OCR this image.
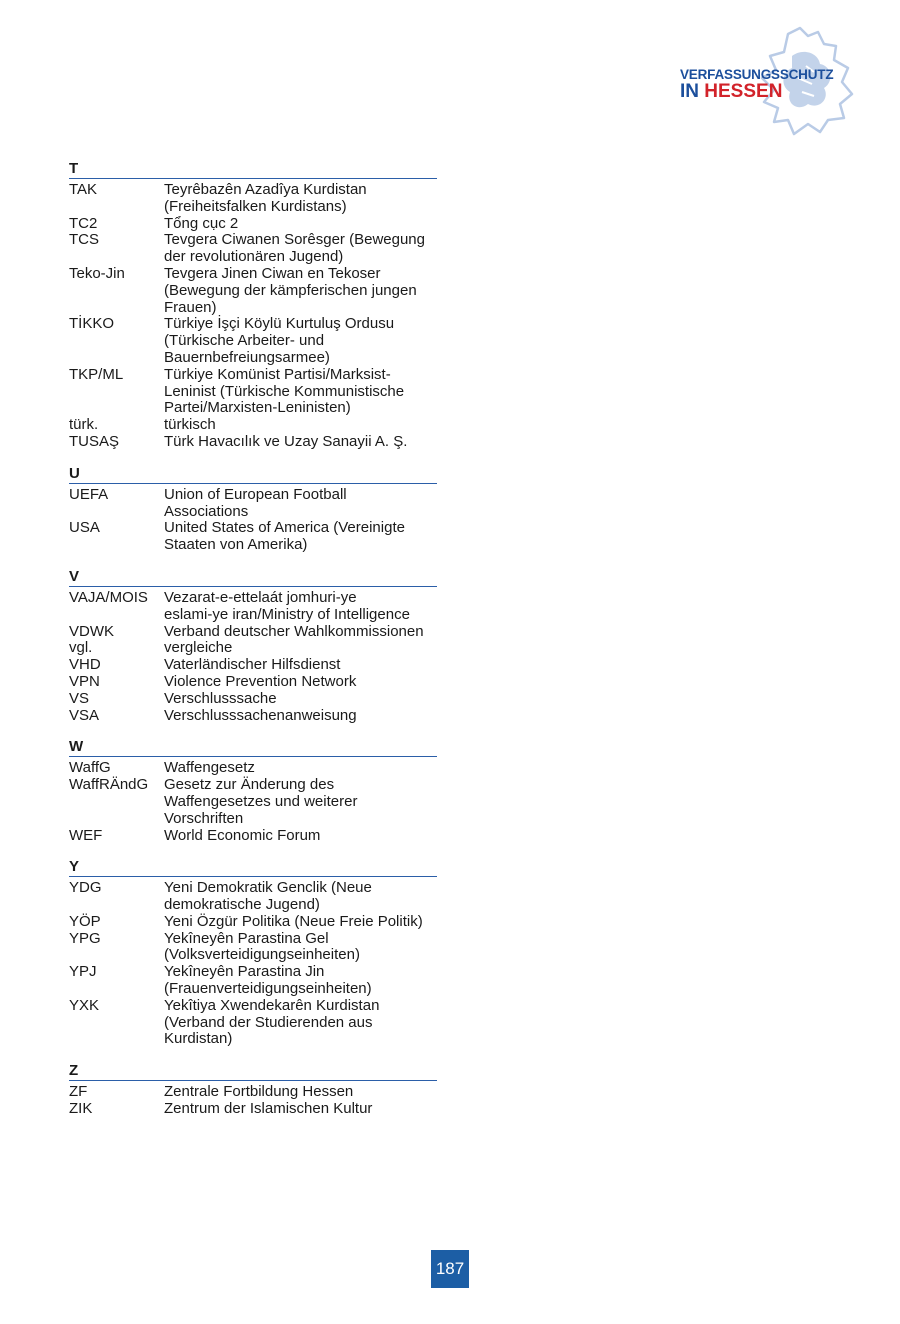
VERFASSUNGSSCHUTZ
IN HESSEN
T
TAK	Teyrêbazên Azadîya Kurdistan
(Freiheitsfalken Kurdistans)
TC2	Tổng cục 2
TCS	Tevgera Ciwanen Sorêsger (Bewegung
der revolutionären Jugend)
Teko-Jin	Tevgera Jinen Ciwan en Tekoser
(Bewegung der kämpferischen jungen
Frauen)
TİKKO	Türkiye İşçi Köylü Kurtuluş Ordusu
(Türkische Arbeiter- und
Bauernbefreiungsarmee)
TKP/ML	Türkiye Komünist Partisi/Marksist-
Leninist (Türkische Kommunistische
Partei/Marxisten-Leninisten)
türk.	türkisch
TUSAŞ	Türk Havacılık ve Uzay Sanayii A. Ş.
U
UEFA	Union of European Football
Associations
USA	United States of America (Vereinigte
Staaten von Amerika)
V
VAJA/MOIS	Vezarat-e-ettelaát jomhuri-ye
eslami-ye iran/Ministry of Intelligence
VDWK	Verband deutscher Wahlkommissionen
vgl.	vergleiche
VHD	Vaterländischer Hilfsdienst
VPN	Violence Prevention Network
VS	Verschlusssache
VSA	Verschlusssachenanweisung
W
WaffG	Waffengesetz
WaffRÄndG	Gesetz zur Änderung des
Waffengesetzes und weiterer
Vorschriften
WEF	World Economic Forum
Y
YDG	Yeni Demokratik Genclik (Neue
demokratische Jugend)
YÖP	Yeni Özgür Politika (Neue Freie Politik)
YPG	Yekîneyên Parastina Gel
(Volksverteidigungseinheiten)
YPJ	Yekîneyên Parastina Jin
(Frauenverteidigungseinheiten)
YXK	Yekîtiya Xwendekarên Kurdistan
(Verband der Studierenden aus
Kurdistan)
Z
ZF	Zentrale Fortbildung Hessen
ZIK	Zentrum der Islamischen Kultur
187
